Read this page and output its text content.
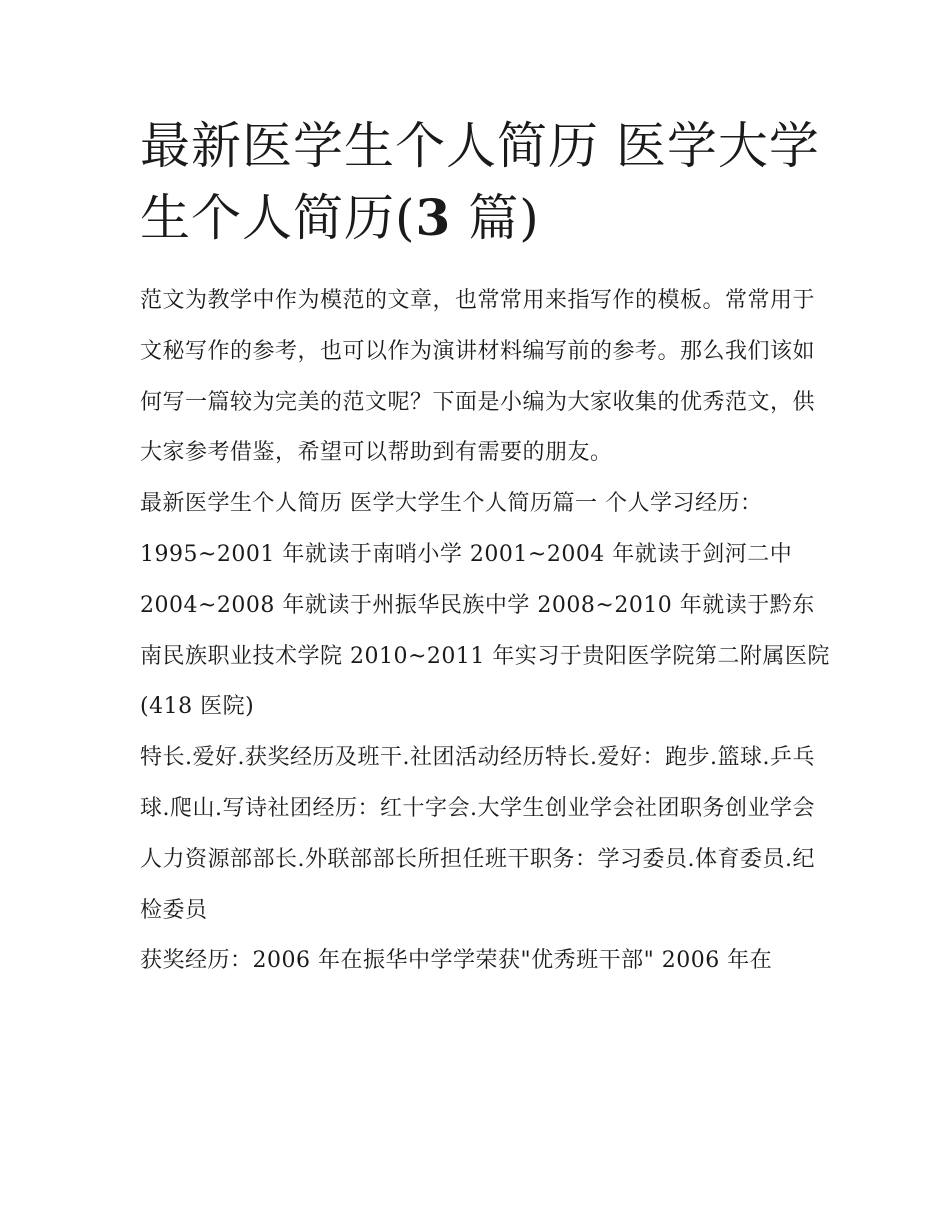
最新医学生个人简历 医学大学生个人简历(3 篇)

范文为教学中作为模范的文章，也常常用来指写作的模板。常常用于文秘写作的参考，也可以作为演讲材料编写前的参考。那么我们该如何写一篇较为完美的范文呢？下面是小编为大家收集的优秀范文，供大家参考借鉴，希望可以帮助到有需要的朋友。

最新医学生个人简历 医学大学生个人简历篇一 个人学习经历：1995~2001 年就读于南哨小学 2001~2004 年就读于剑河二中

2004~2008 年就读于州振华民族中学 2008~2010 年就读于黔东南民族职业技术学院 2010~2011 年实习于贵阳医学院第二附属医院(418 医院)

特长.爱好.获奖经历及班干.社团活动经历特长.爱好：跑步.篮球.乒乓球.爬山.写诗社团经历：红十字会.大学生创业学会社团职务创业学会人力资源部部长.外联部部长所担任班干职务：学习委员.体育委员.纪检委员

获奖经历：2006 年在振华中学学荣获"优秀班干部" 2006 年在
